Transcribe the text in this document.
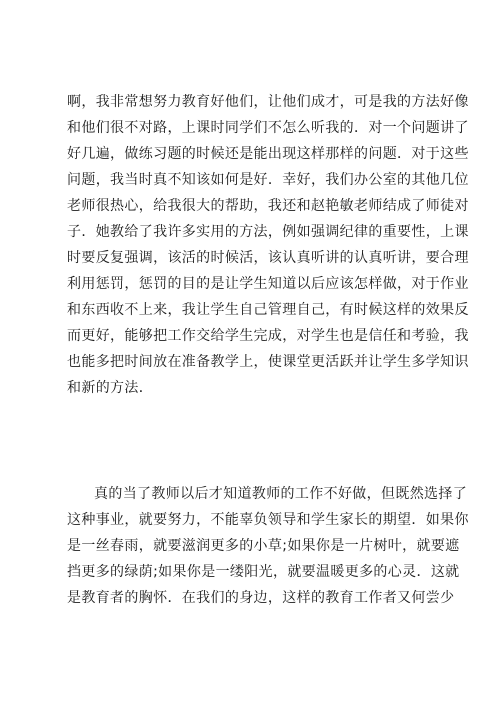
啊，我非常想努力教育好他们，让他们成才，可是我的方法好像
和他们很不对路，上课时同学们不怎么听我的．对一个问题讲了
好几遍，做练习题的时候还是能出现这样那样的问题．对于这些
问题，我当时真不知该如何是好．幸好，我们办公室的其他几位
老师很热心，给我很大的帮助，我还和赵艳敏老师结成了师徒对
子．她教给了我许多实用的方法，例如强调纪律的重要性，上课
时要反复强调，该活的时候活，该认真听讲的认真听讲，要合理
利用惩罚，惩罚的目的是让学生知道以后应该怎样做，对于作业
和东西收不上来，我让学生自己管理自己，有时候这样的效果反
而更好，能够把工作交给学生完成，对学生也是信任和考验，我
也能多把时间放在准备教学上，使课堂更活跃并让学生多学知识
和新的方法．
真的当了教师以后才知道教师的工作不好做，但既然选择了
这种事业，就要努力，不能辜负领导和学生家长的期望．如果你
是一丝春雨，就要滋润更多的小草;如果你是一片树叶，就要遮
挡更多的绿荫;如果你是一缕阳光，就要温暖更多的心灵．这就
是教育者的胸怀．在我们的身边，这样的教育工作者又何尝少
